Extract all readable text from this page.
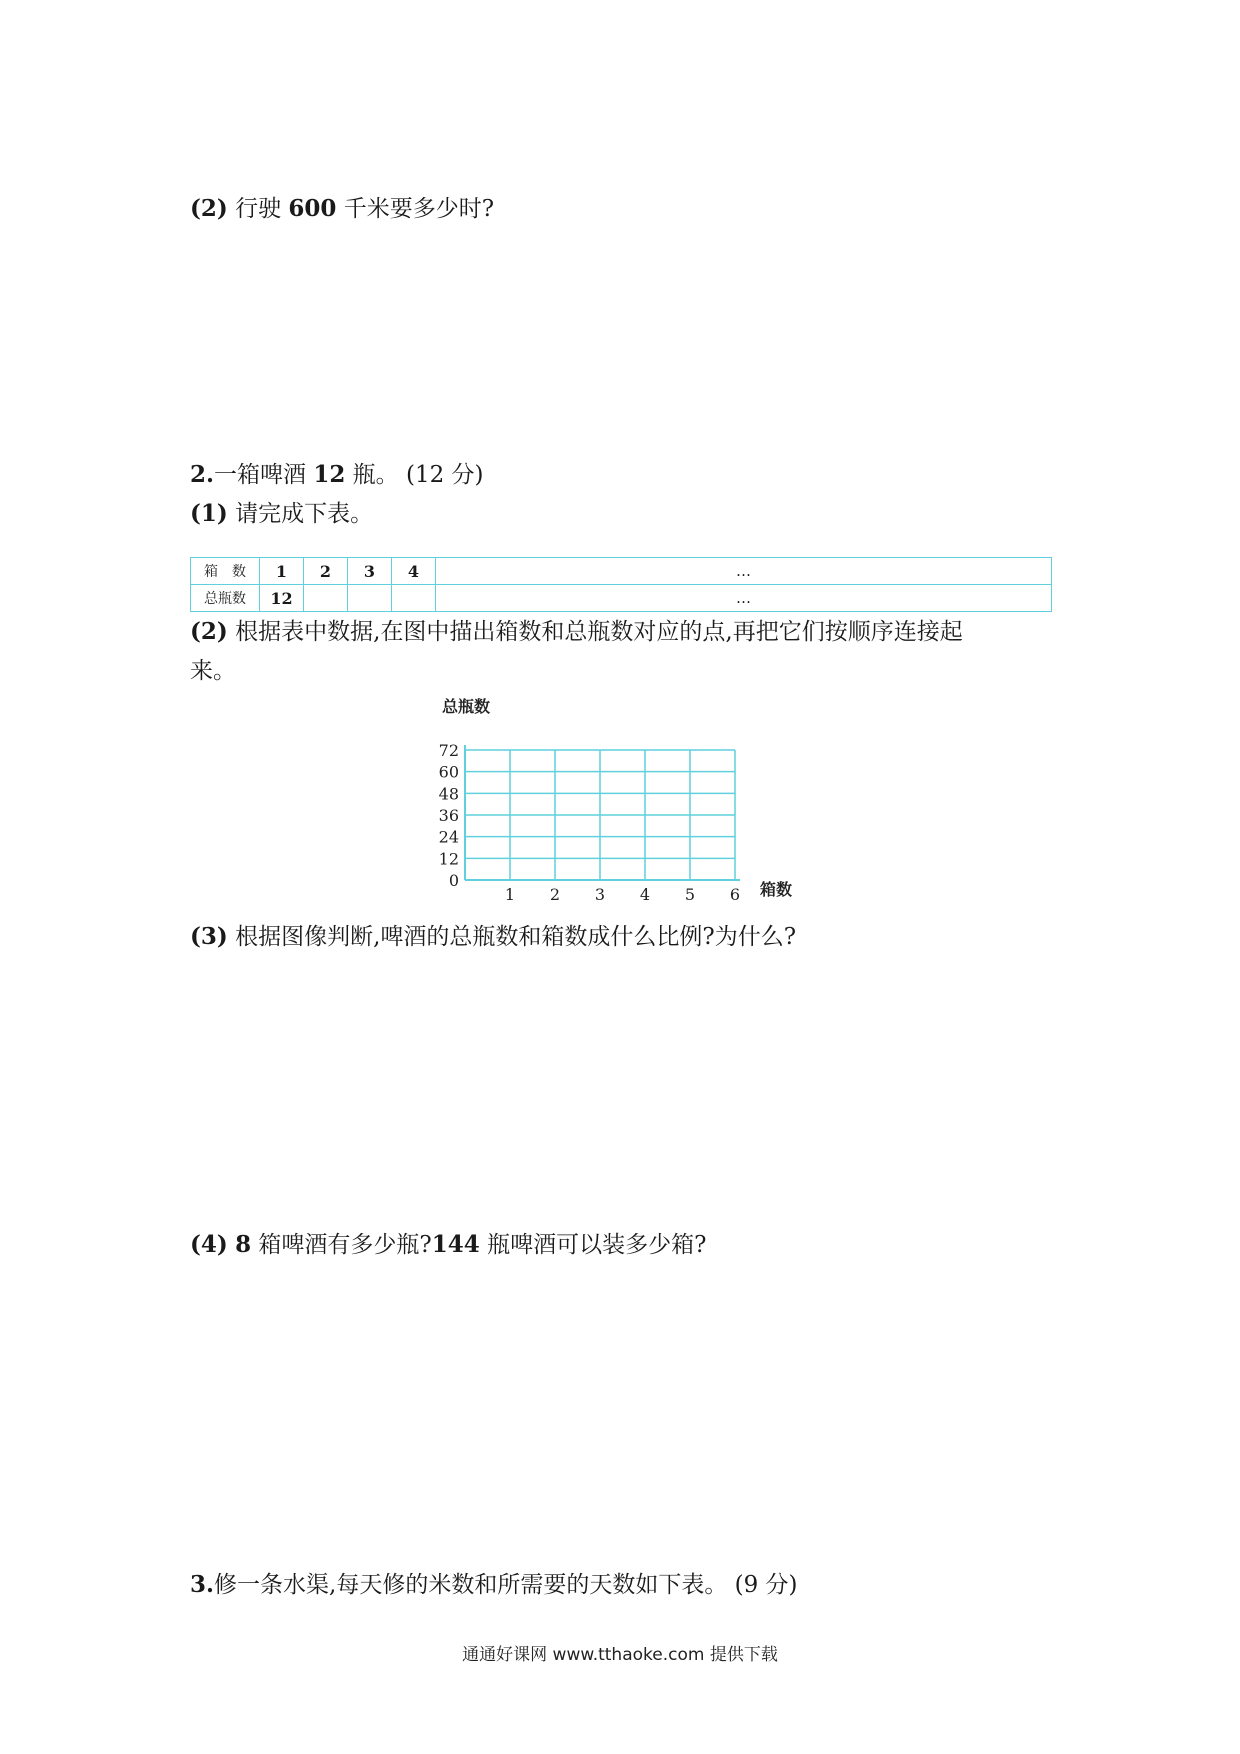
(2) 行驶 600 千米要多少时?
2.一箱啤酒 12 瓶。 (12 分)
(1) 请完成下表。
箱　数	1	2	3	4	…
总瓶数	12				…
(2) 根据表中数据,在图中描出箱数和总瓶数对应的点,再把它们按顺序连接起
来。
总瓶数
箱数
0
12
24
36
48
60
72
1 2 3 4 5 6
(3) 根据图像判断,啤酒的总瓶数和箱数成什么比例?为什么?
(4) 8 箱啤酒有多少瓶?144 瓶啤酒可以装多少箱?
3.修一条水渠,每天修的米数和所需要的天数如下表。 (9 分)
通通好课网 www.tthaoke.com 提供下载
